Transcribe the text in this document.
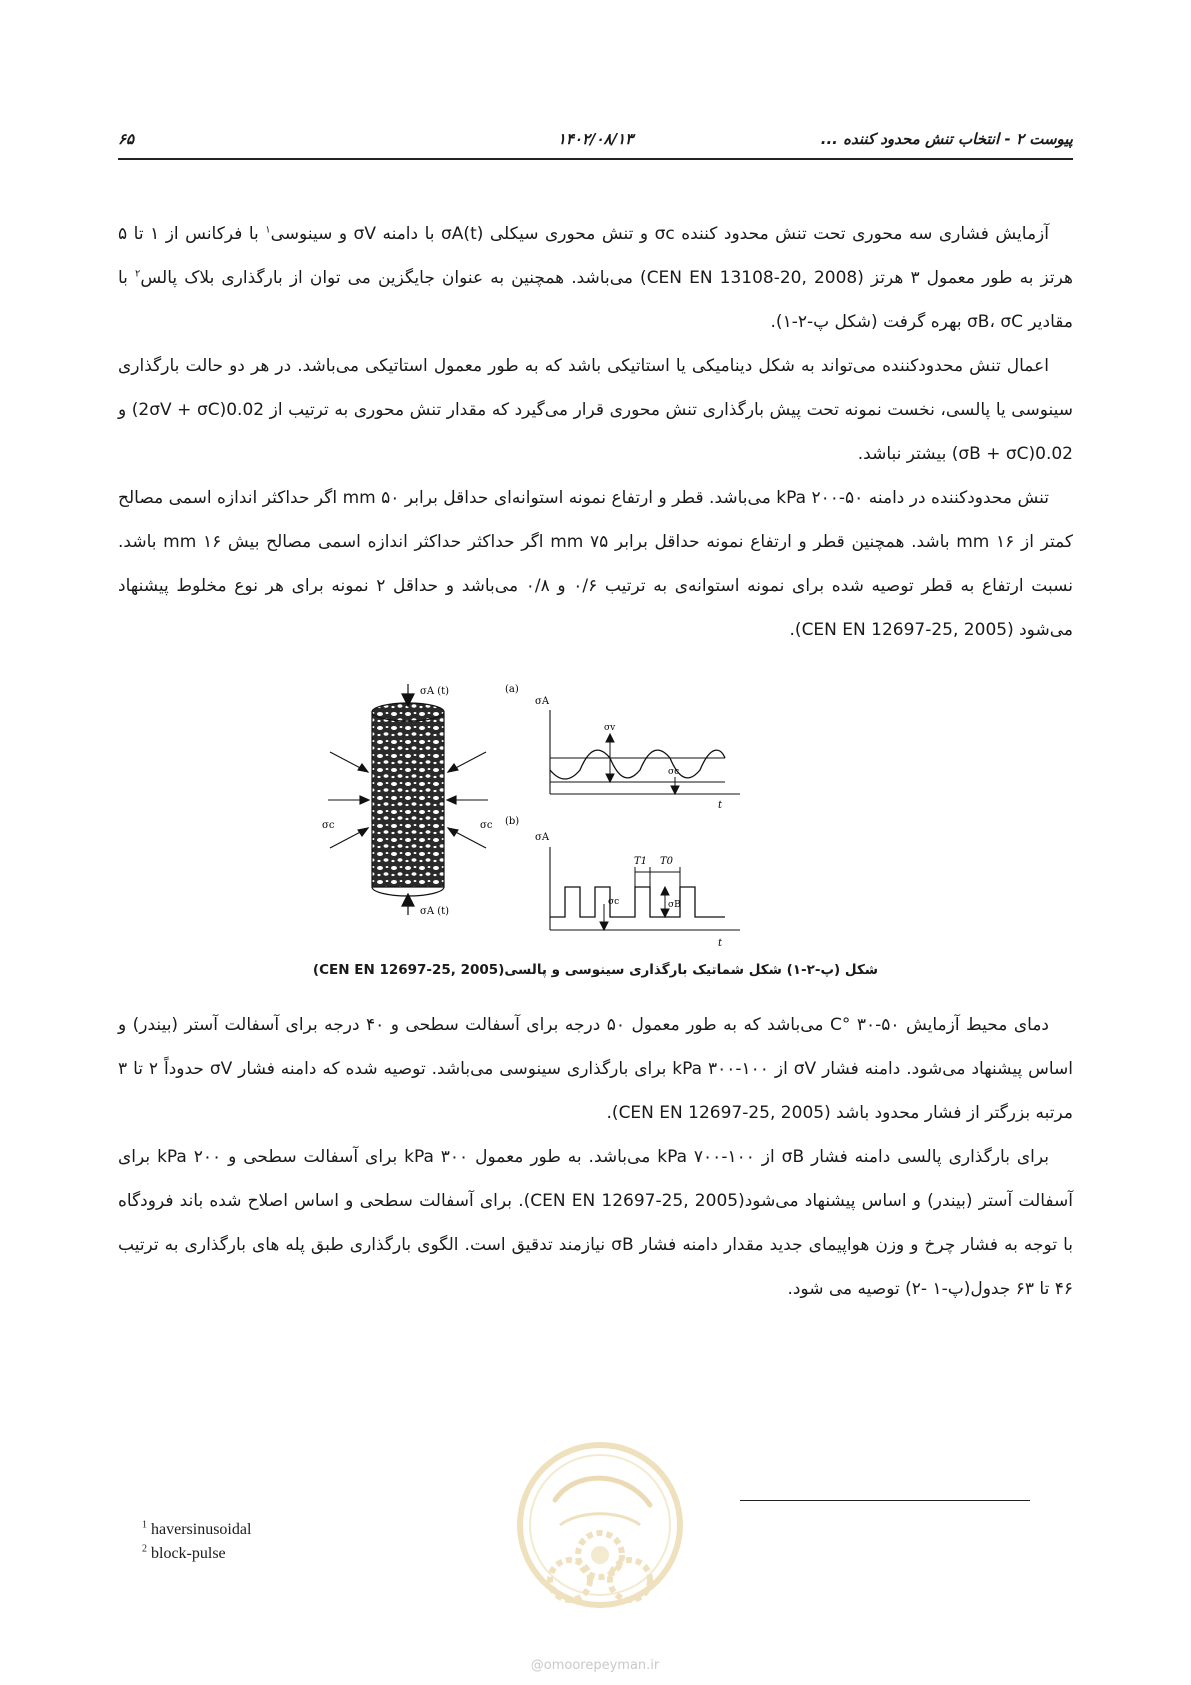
پیوست ۲ - انتخاب تنش محدود کننده ...
۱۴۰۲/۰۸/۱۳
۶۵

آزمایش فشاری سه محوری تحت تنش محدود کننده σc و تنش محوری سیکلی σA(t) با دامنه σV و سینوسی$^۱$ با فرکانس از ۱ تا ۵ هرتز به طور معمول ۳ هرتز (CEN EN 13108-20, 2008) می‌باشد. همچنین به عنوان جایگزین می توان از بارگذاری بلاک پالس$^۲$ با مقادیر σB، σC بهره گرفت (شکل پ-۲-۱).

اعمال تنش محدودکننده می‌تواند به شکل دینامیکی یا استاتیکی باشد که به طور معمول استاتیکی می‌باشد. در هر دو حالت بارگذاری سینوسی یا پالسی، نخست نمونه تحت پیش بارگذاری تنش محوری قرار می‌گیرد که مقدار تنش محوری به ترتیب از 0.02(2σV + σC) و 0.02(σB + σC) بیشتر نباشد.

تنش محدودکننده در دامنه ۵۰-۲۰۰ kPa می‌باشد. قطر و ارتفاع نمونه استوانه‌ای حداقل برابر ۵۰ mm اگر حداکثر اندازه اسمی مصالح کمتر از ۱۶ mm باشد. همچنین قطر و ارتفاع نمونه حداقل برابر ۷۵ mm اگر حداکثر حداکثر اندازه اسمی مصالح بیش ۱۶ mm باشد. نسبت ارتفاع به قطر توصیه شده برای نمونه استوانه‌ی به ترتیب ۰/۶ و ۰/۸ می‌باشد و حداقل ۲ نمونه برای هر نوع مخلوط پیشنهاد می‌شود (CEN EN 12697-25, 2005).

σA (t)
σA (t)
σc	σc
(a)
σA
σv
σc
t
(b)
σA
T1 T0
σB
σc
t
شکل (پ-۲-۱) شکل شماتیک بارگذاری سینوسی و پالسی(CEN EN 12697-25, 2005)

دمای محیط آزمایش ۵۰-۳۰ °C می‌باشد که به طور معمول ۵۰ درجه برای آسفالت سطحی و ۴۰ درجه برای آسفالت آستر (بیندر) و اساس پیشنهاد می‌شود. دامنه فشار σV از ۱۰۰-۳۰۰ kPa برای بارگذاری سینوسی می‌باشد. توصیه شده که دامنه فشار σV حدوداً ۲ تا ۳ مرتبه بزرگتر از فشار محدود باشد (CEN EN 12697-25, 2005).

برای بارگذاری پالسی دامنه فشار σB از ۱۰۰-۷۰۰ kPa می‌باشد. به طور معمول ۳۰۰ kPa برای آسفالت سطحی و ۲۰۰ kPa برای آسفالت آستر (بیندر) و اساس پیشنهاد می‌شود(CEN EN 12697-25, 2005). برای آسفالت سطحی و اساس اصلاح شده باند فرودگاه با توجه به فشار چرخ و وزن هواپیمای جدید مقدار دامنه فشار σB نیازمند تدقیق است. الگوی بارگذاری طبق پله های بارگذاری به ترتیب ۴۶ تا ۶۳ جدول(پ-۱ -۲) توصیه می شود.

$^1$ haversinusoidal
$^2$ block-pulse
@omoorepeyman.ir
